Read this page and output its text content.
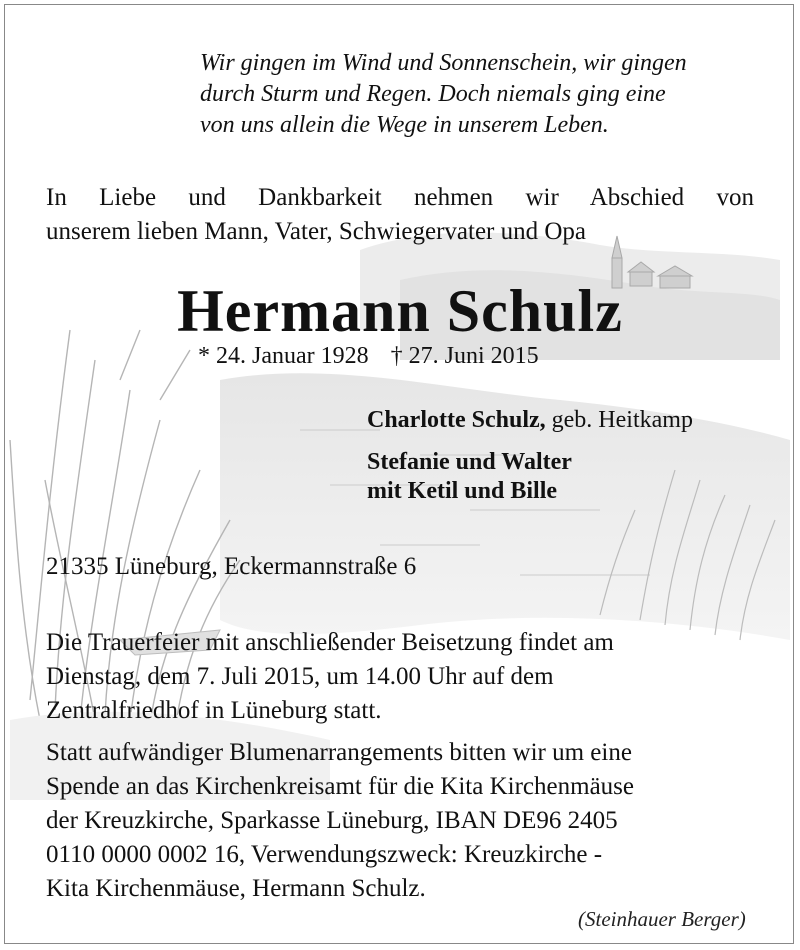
Wir gingen im Wind und Sonnenschein, wir gingen
durch Sturm und Regen. Doch niemals ging eine
von uns allein die Wege in unserem Leben.
In Liebe und Dankbarkeit nehmen wir Abschied von
unserem lieben Mann, Vater, Schwiegervater und Opa
Hermann Schulz
* 24. Januar 1928 † 27. Juni 2015
Charlotte Schulz, geb. Heitkamp
Stefanie und Walter
mit Ketil und Bille
21335 Lüneburg, Eckermannstraße 6
Die Trauerfeier mit anschließender Beisetzung findet am
Dienstag, dem 7. Juli 2015, um 14.00 Uhr auf dem
Zentralfriedhof in Lüneburg statt.
Statt aufwändiger Blumenarrangements bitten wir um eine
Spende an das Kirchenkreisamt für die Kita Kirchenmäuse
der Kreuzkirche, Sparkasse Lüneburg, IBAN DE96 2405
0110 0000 0002 16, Verwendungszweck: Kreuzkirche -
Kita Kirchenmäuse, Hermann Schulz.
(Steinhauer Berger)
